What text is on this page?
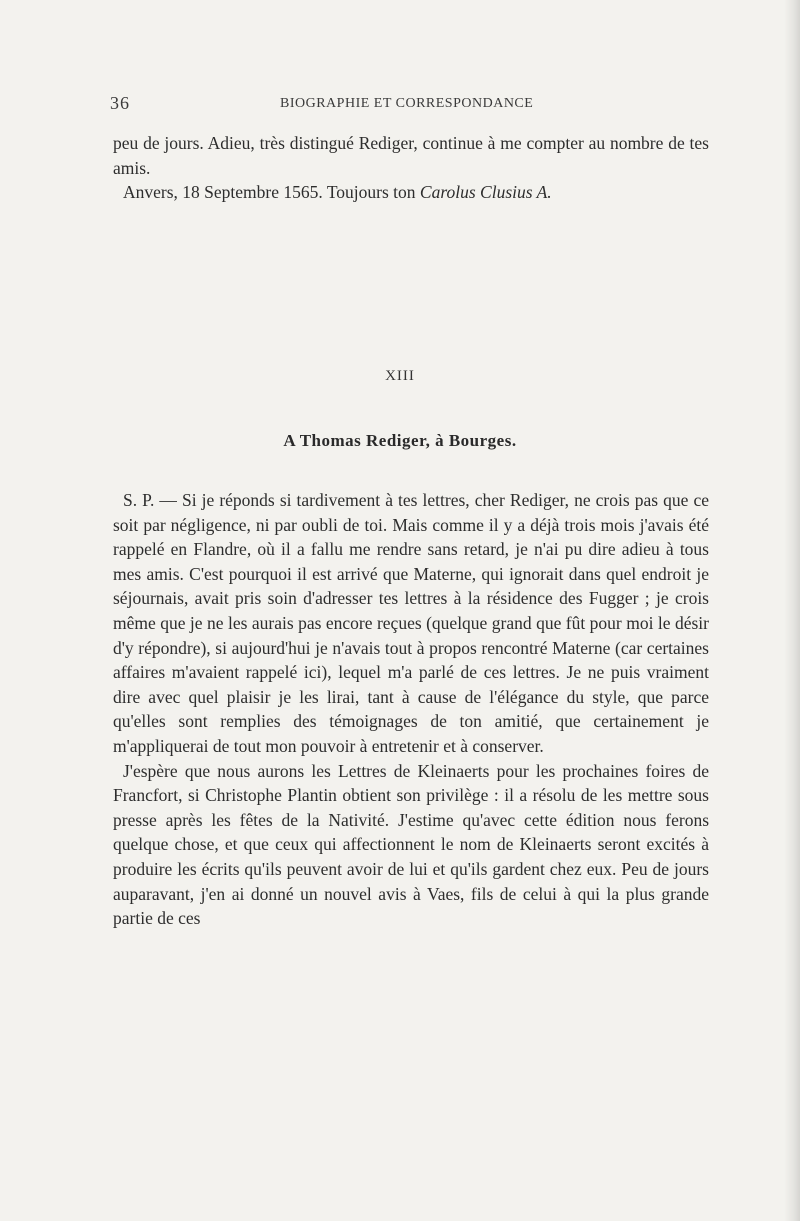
36	BIOGRAPHIE ET CORRESPONDANCE

peu de jours. Adieu, très distingué Rediger, continue à me compter au nombre de tes amis.

Anvers, 18 Septembre 1565. Toujours ton Carolus Clusius A.

XIII
A Thomas Rediger, à Bourges.

S. P. — Si je réponds si tardivement à tes lettres, cher Rediger, ne crois pas que ce soit par négligence, ni par oubli de toi. Mais comme il y a déjà trois mois j'avais été rappelé en Flandre, où il a fallu me rendre sans retard, je n'ai pu dire adieu à tous mes amis. C'est pourquoi il est arrivé que Materne, qui ignorait dans quel endroit je séjournais, avait pris soin d'adresser tes lettres à la résidence des Fugger ; je crois même que je ne les aurais pas encore reçues (quelque grand que fût pour moi le désir d'y répondre), si aujourd'hui je n'avais tout à propos rencontré Materne (car certaines affaires m'avaient rappelé ici), lequel m'a parlé de ces lettres. Je ne puis vraiment dire avec quel plaisir je les lirai, tant à cause de l'élégance du style, que parce qu'elles sont remplies des témoignages de ton amitié, que certainement je m'appliquerai de tout mon pouvoir à entretenir et à conserver.

J'espère que nous aurons les Lettres de Kleinaerts pour les prochaines foires de Francfort, si Christophe Plantin obtient son privilège : il a résolu de les mettre sous presse après les fêtes de la Nativité. J'estime qu'avec cette édition nous ferons quelque chose, et que ceux qui affectionnent le nom de Kleinaerts seront excités à produire les écrits qu'ils peuvent avoir de lui et qu'ils gardent chez eux. Peu de jours auparavant, j'en ai donné un nouvel avis à Vaes, fils de celui à qui la plus grande partie de ces
